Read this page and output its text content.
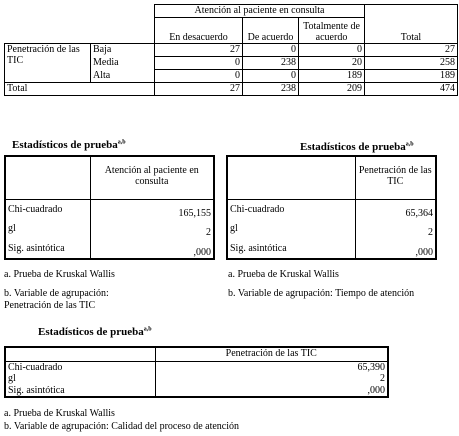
		Atención al paciente en consulta			
		En desacuerdo	De acuerdo	Totalmente de acuerdo	Total
Penetración de las TIC	Baja	27	0	0	27
	Media	0	238	20	258
	Alta	0	0	189	189
Total		27	238	209	474
Estadísticos de prueba$^{a,b}$
	Atención al paciente en consulta
Chi-cuadrado	165,155
gl	2
Sig. asintótica	,000
a. Prueba de Kruskal Wallis
b. Variable de agrupación:
Penetración de las TIC
Estadísticos de prueba$^{a,b}$
	Penetración de las TIC
Chi-cuadrado	65,364
gl	2
Sig. asintótica	,000
a. Prueba de Kruskal Wallis
b. Variable de agrupación: Tiempo de atención
Estadísticos de prueba$^{a,b}$
	Penetración de las TIC
Chi-cuadrado	65,390
gl	2
Sig. asintótica	,000
a. Prueba de Kruskal Wallis
b. Variable de agrupación: Calidad del proceso de atención
